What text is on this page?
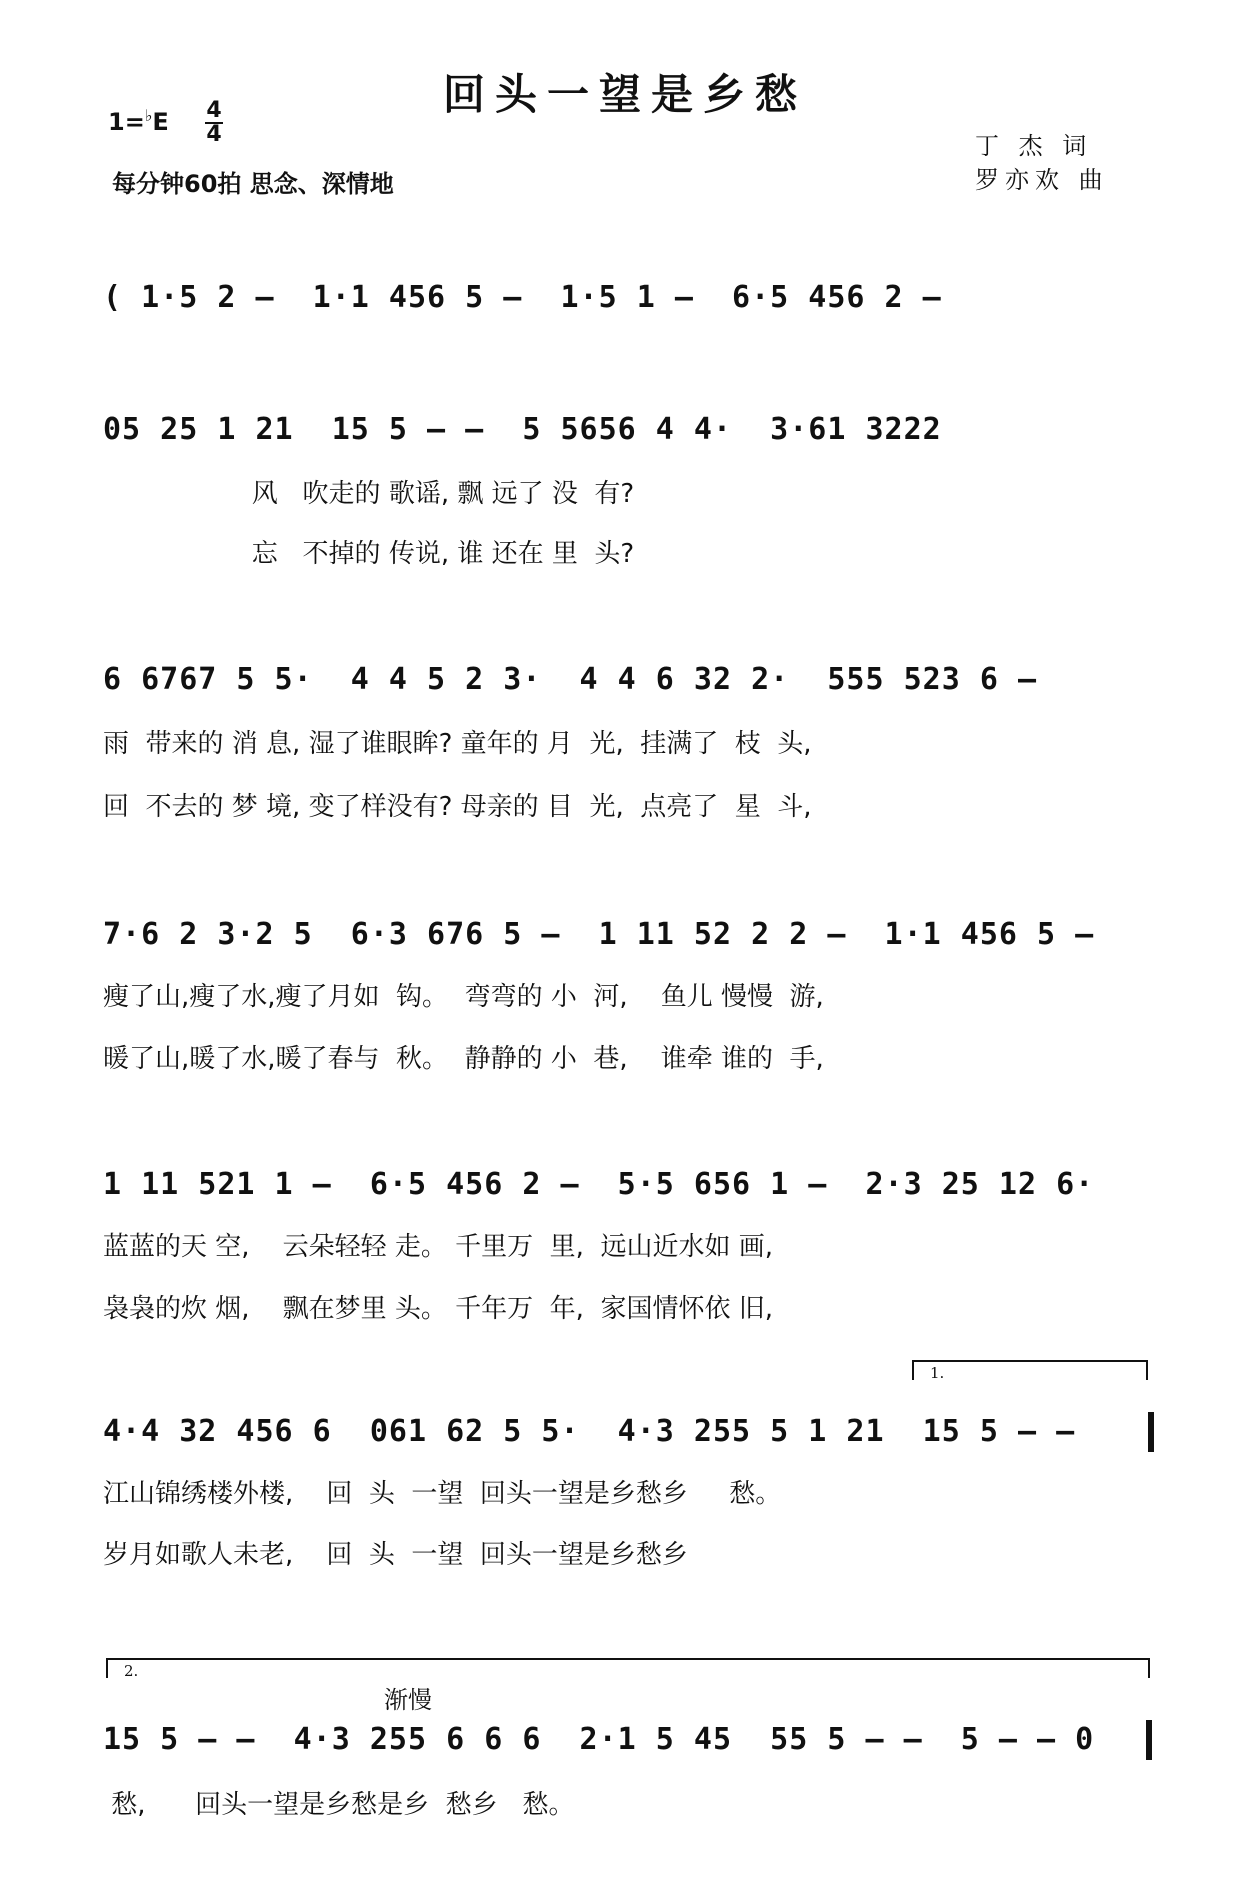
回头一望是乡愁
1=♭E 4
4
每分钟60拍 思念、深情地
丁 杰 词
罗亦欢 曲
( 1·5 2 —  1·1 456 5 —  1·5 1 —  6·5 456 2 —
05 25 1 21  15 5 — —  5 5656 4 4·  3·61 3222
风   吹走的 歌谣, 飘 远了 没  有?
忘   不掉的 传说, 谁 还在 里  头?
6 6767 5 5·  4 4 5 2 3·  4 4 6 32 2·  555 523 6 —
雨  带来的 消 息, 湿了谁眼眸? 童年的 月  光,  挂满了  枝  头,
回  不去的 梦 境, 变了样没有? 母亲的 目  光,  点亮了  星  斗,
7·6 2 3·2 5  6·3 676 5 —  1 11 52 2 2 —  1·1 456 5 —
瘦了山,瘦了水,瘦了月如  钩。  弯弯的 小  河,    鱼儿 慢慢  游,
暖了山,暖了水,暖了春与  秋。  静静的 小  巷,    谁牵 谁的  手,
1 11 521 1 —  6·5 456 2 —  5·5 656 1 —  2·3 25 12 6·
蓝蓝的天 空,    云朵轻轻 走。 千里万  里,  远山近水如 画,
袅袅的炊 烟,    飘在梦里 头。 千年万  年,  家国情怀依 旧,
1.
4·4 32 456 6  061 62 5 5·  4·3 255 5 1 21  15 5 — —
江山锦绣楼外楼,    回  头  一望  回头一望是乡愁乡     愁。
岁月如歌人未老,    回  头  一望  回头一望是乡愁乡
2.
渐慢
15 5 — —  4·3 255 6 6 6  2·1 5 45  55 5 — —  5 — — 0
愁,      回头一望是乡愁是乡  愁乡   愁。
